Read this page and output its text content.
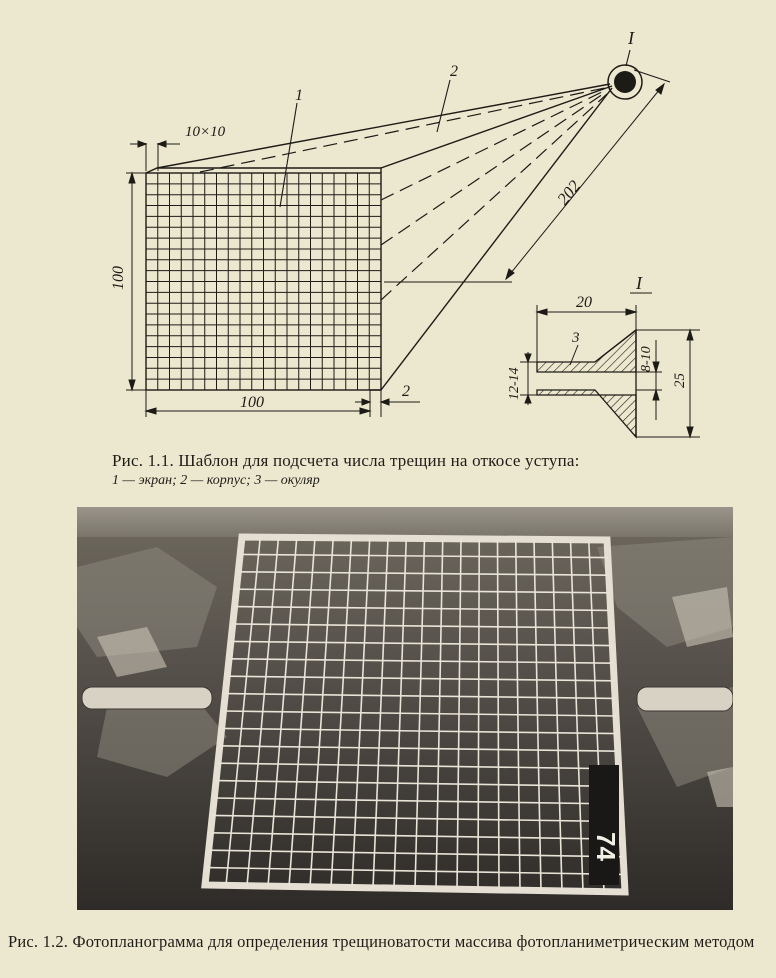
1
2
I
I
3
10×10
100
100
202
2
20
25
8-10
12-14
Рис. 1.1. Шаблон для подсчета числа трещин на откосе уступа:
1 — экран; 2 — корпус; 3 — окуляр
74
Рис. 1.2. Фотопланограмма для определения трещиноватости массива фотопланиметрическим методом
